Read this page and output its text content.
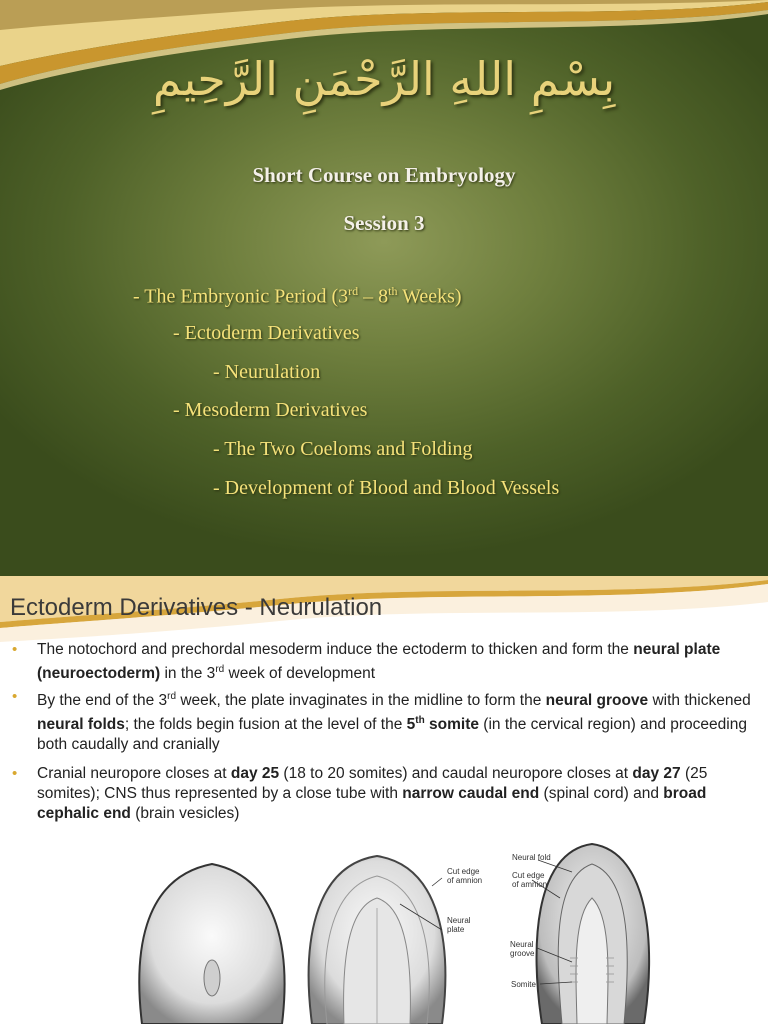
بِسْمِ اللهِ الرَّحْمَنِ الرَّحِيمِ
Short Course on Embryology
Session 3
- The Embryonic Period (3rd – 8th Weeks)
- Ectoderm Derivatives
- Neurulation
- Mesoderm Derivatives
- The Two Coeloms and Folding
- Development of Blood and Blood Vessels
Ectoderm Derivatives - Neurulation
• The notochord and prechordal mesoderm induce the ectoderm to thicken and form the neural plate (neuroectoderm) in the 3rd week of development
• By the end of the 3rd week, the plate invaginates in the midline to form the neural groove with thickened neural folds; the folds begin fusion at the level of the 5th somite (in the cervical region) and proceeding both caudally and cranially
• Cranial neuropore closes at day 25 (18 to 20 somites) and caudal neuropore closes at day 27 (25 somites); CNS thus represented by a close tube with narrow caudal end (spinal cord) and broad cephalic end (brain vesicles)
Cut edge
of amnion
Neural
plate
Neural fold
Cut edge
of amnion
Neural
groove
Somite
